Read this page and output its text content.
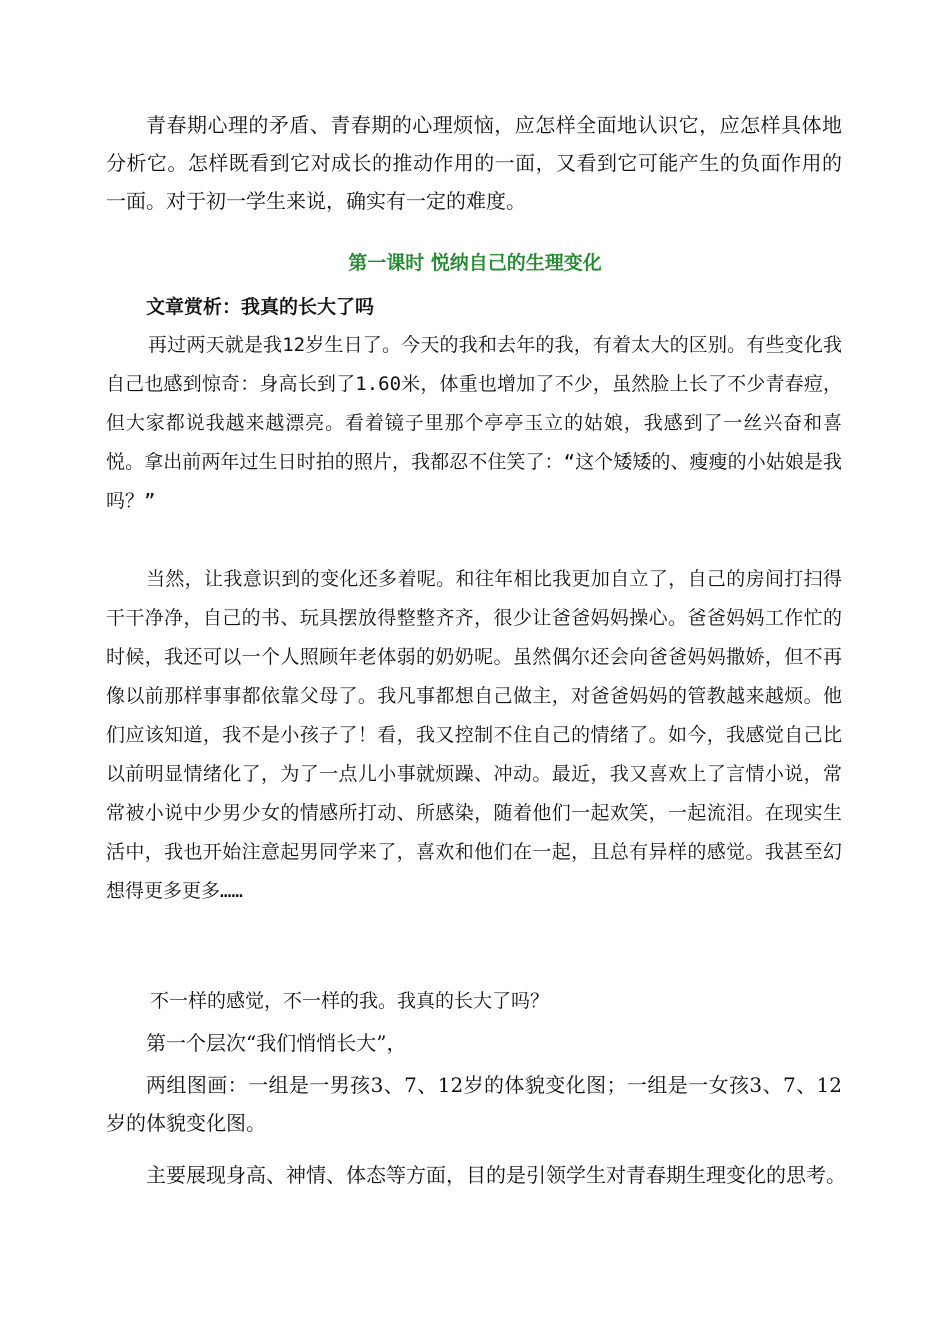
青春期心理的矛盾、青春期的心理烦恼，应怎样全面地认识它，应怎样具体地分析它。怎样既看到它对成长的推动作用的一面，又看到它可能产生的负面作用的一面。对于初一学生来说，确实有一定的难度。

第一课时 悦纳自己的生理变化

文章赏析：我真的长大了吗

再过两天就是我12岁生日了。今天的我和去年的我，有着太大的区别。有些变化我自己也感到惊奇：身高长到了1.60米，体重也增加了不少，虽然脸上长了不少青春痘，但大家都说我越来越漂亮。看着镜子里那个亭亭玉立的姑娘，我感到了一丝兴奋和喜悦。拿出前两年过生日时拍的照片，我都忍不住笑了：“这个矮矮的、瘦瘦的小姑娘是我吗？”

当然，让我意识到的变化还多着呢。和往年相比我更加自立了，自己的房间打扫得干干净净，自己的书、玩具摆放得整整齐齐，很少让爸爸妈妈操心。爸爸妈妈工作忙的时候，我还可以一个人照顾年老体弱的奶奶呢。虽然偶尔还会向爸爸妈妈撒娇，但不再像以前那样事事都依靠父母了。我凡事都想自己做主，对爸爸妈妈的管教越来越烦。他们应该知道，我不是小孩子了！看，我又控制不住自己的情绪了。如今，我感觉自己比以前明显情绪化了，为了一点儿小事就烦躁、冲动。最近，我又喜欢上了言情小说，常常被小说中少男少女的情感所打动、所感染，随着他们一起欢笑，一起流泪。在现实生活中，我也开始注意起男同学来了，喜欢和他们在一起，且总有异样的感觉。我甚至幻想得更多更多……

不一样的感觉，不一样的我。我真的长大了吗？

第一个层次“我们悄悄长大”，

两组图画：一组是一男孩3、7、12岁的体貌变化图；一组是一女孩3、7、12岁的体貌变化图。

主要展现身高、神情、体态等方面，目的是引领学生对青春期生理变化的思考。
